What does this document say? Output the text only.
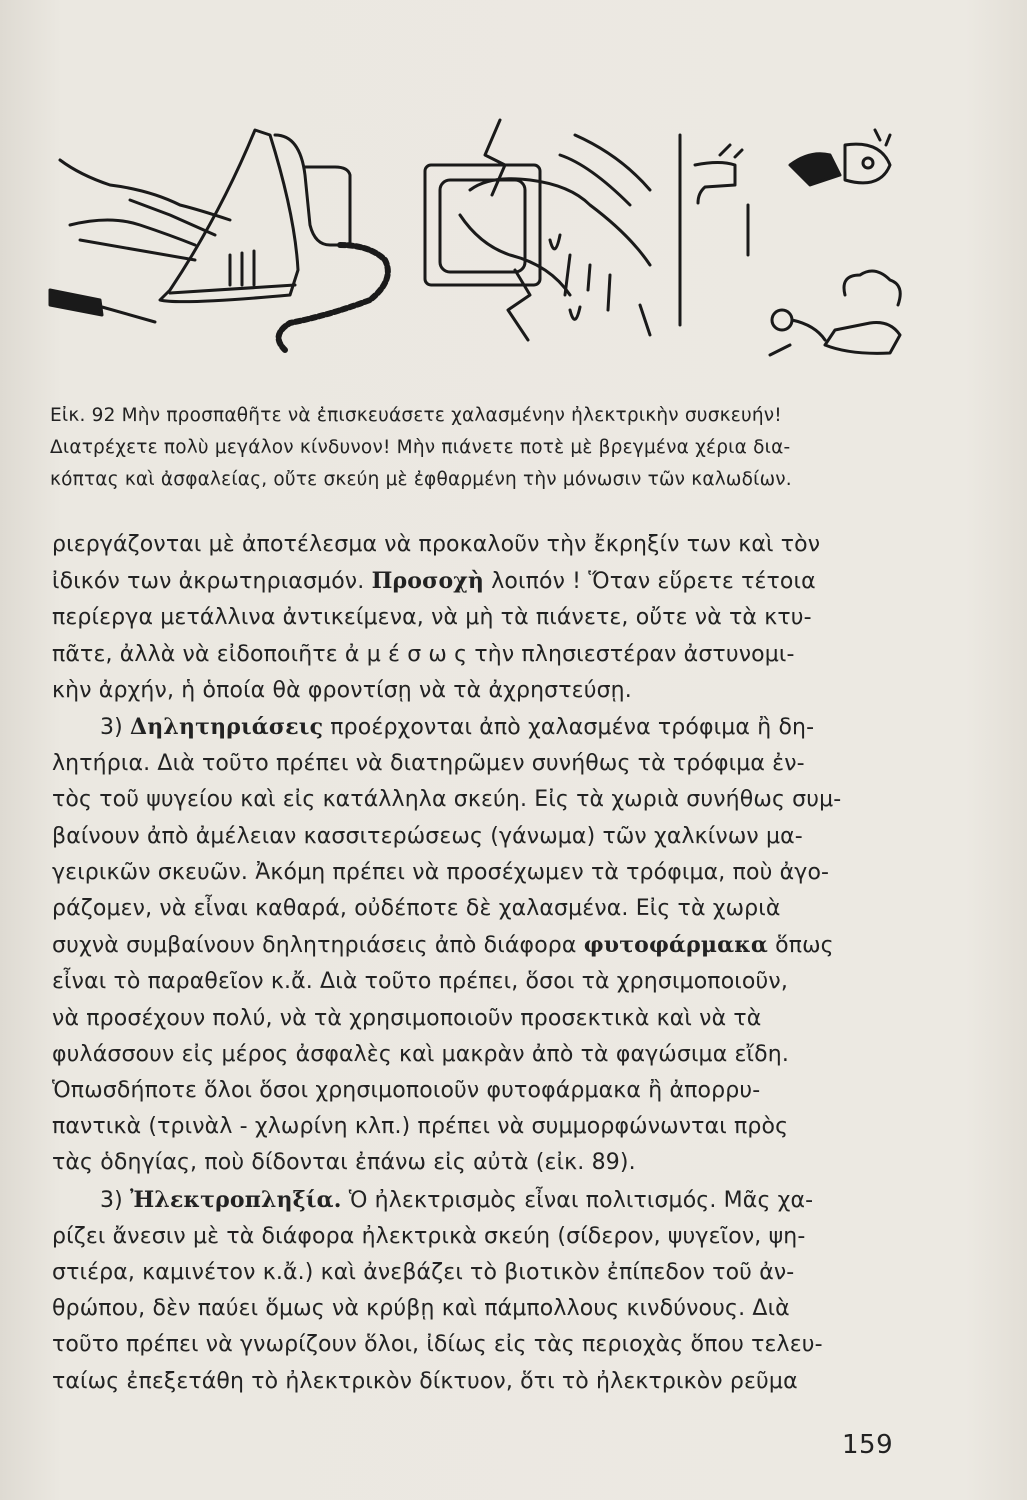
Εἰκ. 92 Μὴν προσπαθῆτε νὰ ἐπισκευάσετε χαλασμένην ἠλεκτρικὴν συσκευήν!
Διατρέχετε πολὺ μεγάλον κίνδυνον! Μὴν πιάνετε ποτὲ μὲ βρεγμένα χέρια δια-
κόπτας καὶ ἀσφαλείας, οὔτε σκεύη μὲ ἐφθαρμένη τὴν μόνωσιν τῶν καλωδίων.
ριεργάζονται μὲ ἀποτέλεσμα νὰ προκαλοῦν τὴν ἔκρηξίν των καὶ τὸν
ἰδικόν των ἀκρωτηριασμόν. Προσοχὴ λοιπόν ! Ὅταν εὕρετε τέτοια
περίεργα μετάλλινα ἀντικείμενα, νὰ μὴ τὰ πιάνετε, οὔτε νὰ τὰ κτυ-
πᾶτε, ἀλλὰ νὰ εἰδοποιῆτε ἀ μ έ σ ω ς τὴν πλησιεστέραν ἀστυνομι-
κὴν ἀρχήν, ἡ ὁποία θὰ φροντίσῃ νὰ τὰ ἀχρηστεύσῃ.
3) Δηλητηριάσεις προέρχονται ἀπὸ χαλασμένα τρόφιμα ἢ δη-
λητήρια. Διὰ τοῦτο πρέπει νὰ διατηρῶμεν συνήθως τὰ τρόφιμα ἐν-
τὸς τοῦ ψυγείου καὶ εἰς κατάλληλα σκεύη. Εἰς τὰ χωριὰ συνήθως συμ-
βαίνουν ἀπὸ ἀμέλειαν κασσιτερώσεως (γάνωμα) τῶν χαλκίνων μα-
γειρικῶν σκευῶν. Ἀκόμη πρέπει νὰ προσέχωμεν τὰ τρόφιμα, ποὺ ἀγο-
ράζομεν, νὰ εἶναι καθαρά, οὐδέποτε δὲ χαλασμένα. Εἰς τὰ χωριὰ
συχνὰ συμβαίνουν δηλητηριάσεις ἀπὸ διάφορα φυτοφάρμακα ὅπως
εἶναι τὸ παραθεῖον κ.ἄ. Διὰ τοῦτο πρέπει, ὅσοι τὰ χρησιμοποιοῦν,
νὰ προσέχουν πολύ, νὰ τὰ χρησιμοποιοῦν προσεκτικὰ καὶ νὰ τὰ
φυλάσσουν εἰς μέρος ἀσφαλὲς καὶ μακρὰν ἀπὸ τὰ φαγώσιμα εἴδη.
Ὁπωσδήποτε ὅλοι ὅσοι χρησιμοποιοῦν φυτοφάρμακα ἢ ἀπορρυ-
παντικὰ (τρινὰλ - χλωρίνη κλπ.) πρέπει νὰ συμμορφώνωνται πρὸς
τὰς ὁδηγίας, ποὺ δίδονται ἐπάνω εἰς αὐτὰ (εἰκ. 89).
3) Ἠλεκτροπληξία. Ὁ ἠλεκτρισμὸς εἶναι πολιτισμός. Μᾶς χα-
ρίζει ἄνεσιν μὲ τὰ διάφορα ἠλεκτρικὰ σκεύη (σίδερον, ψυγεῖον, ψη-
στιέρα, καμινέτον κ.ἄ.) καὶ ἀνεβάζει τὸ βιοτικὸν ἐπίπεδον τοῦ ἀν-
θρώπου, δὲν παύει ὅμως νὰ κρύβῃ καὶ πάμπολλους κινδύνους. Διὰ
τοῦτο πρέπει νὰ γνωρίζουν ὅλοι, ἰδίως εἰς τὰς περιοχὰς ὅπου τελευ-
ταίως ἐπεξετάθη τὸ ἠλεκτρικὸν δίκτυον, ὅτι τὸ ἠλεκτρικὸν ρεῦμα
159
